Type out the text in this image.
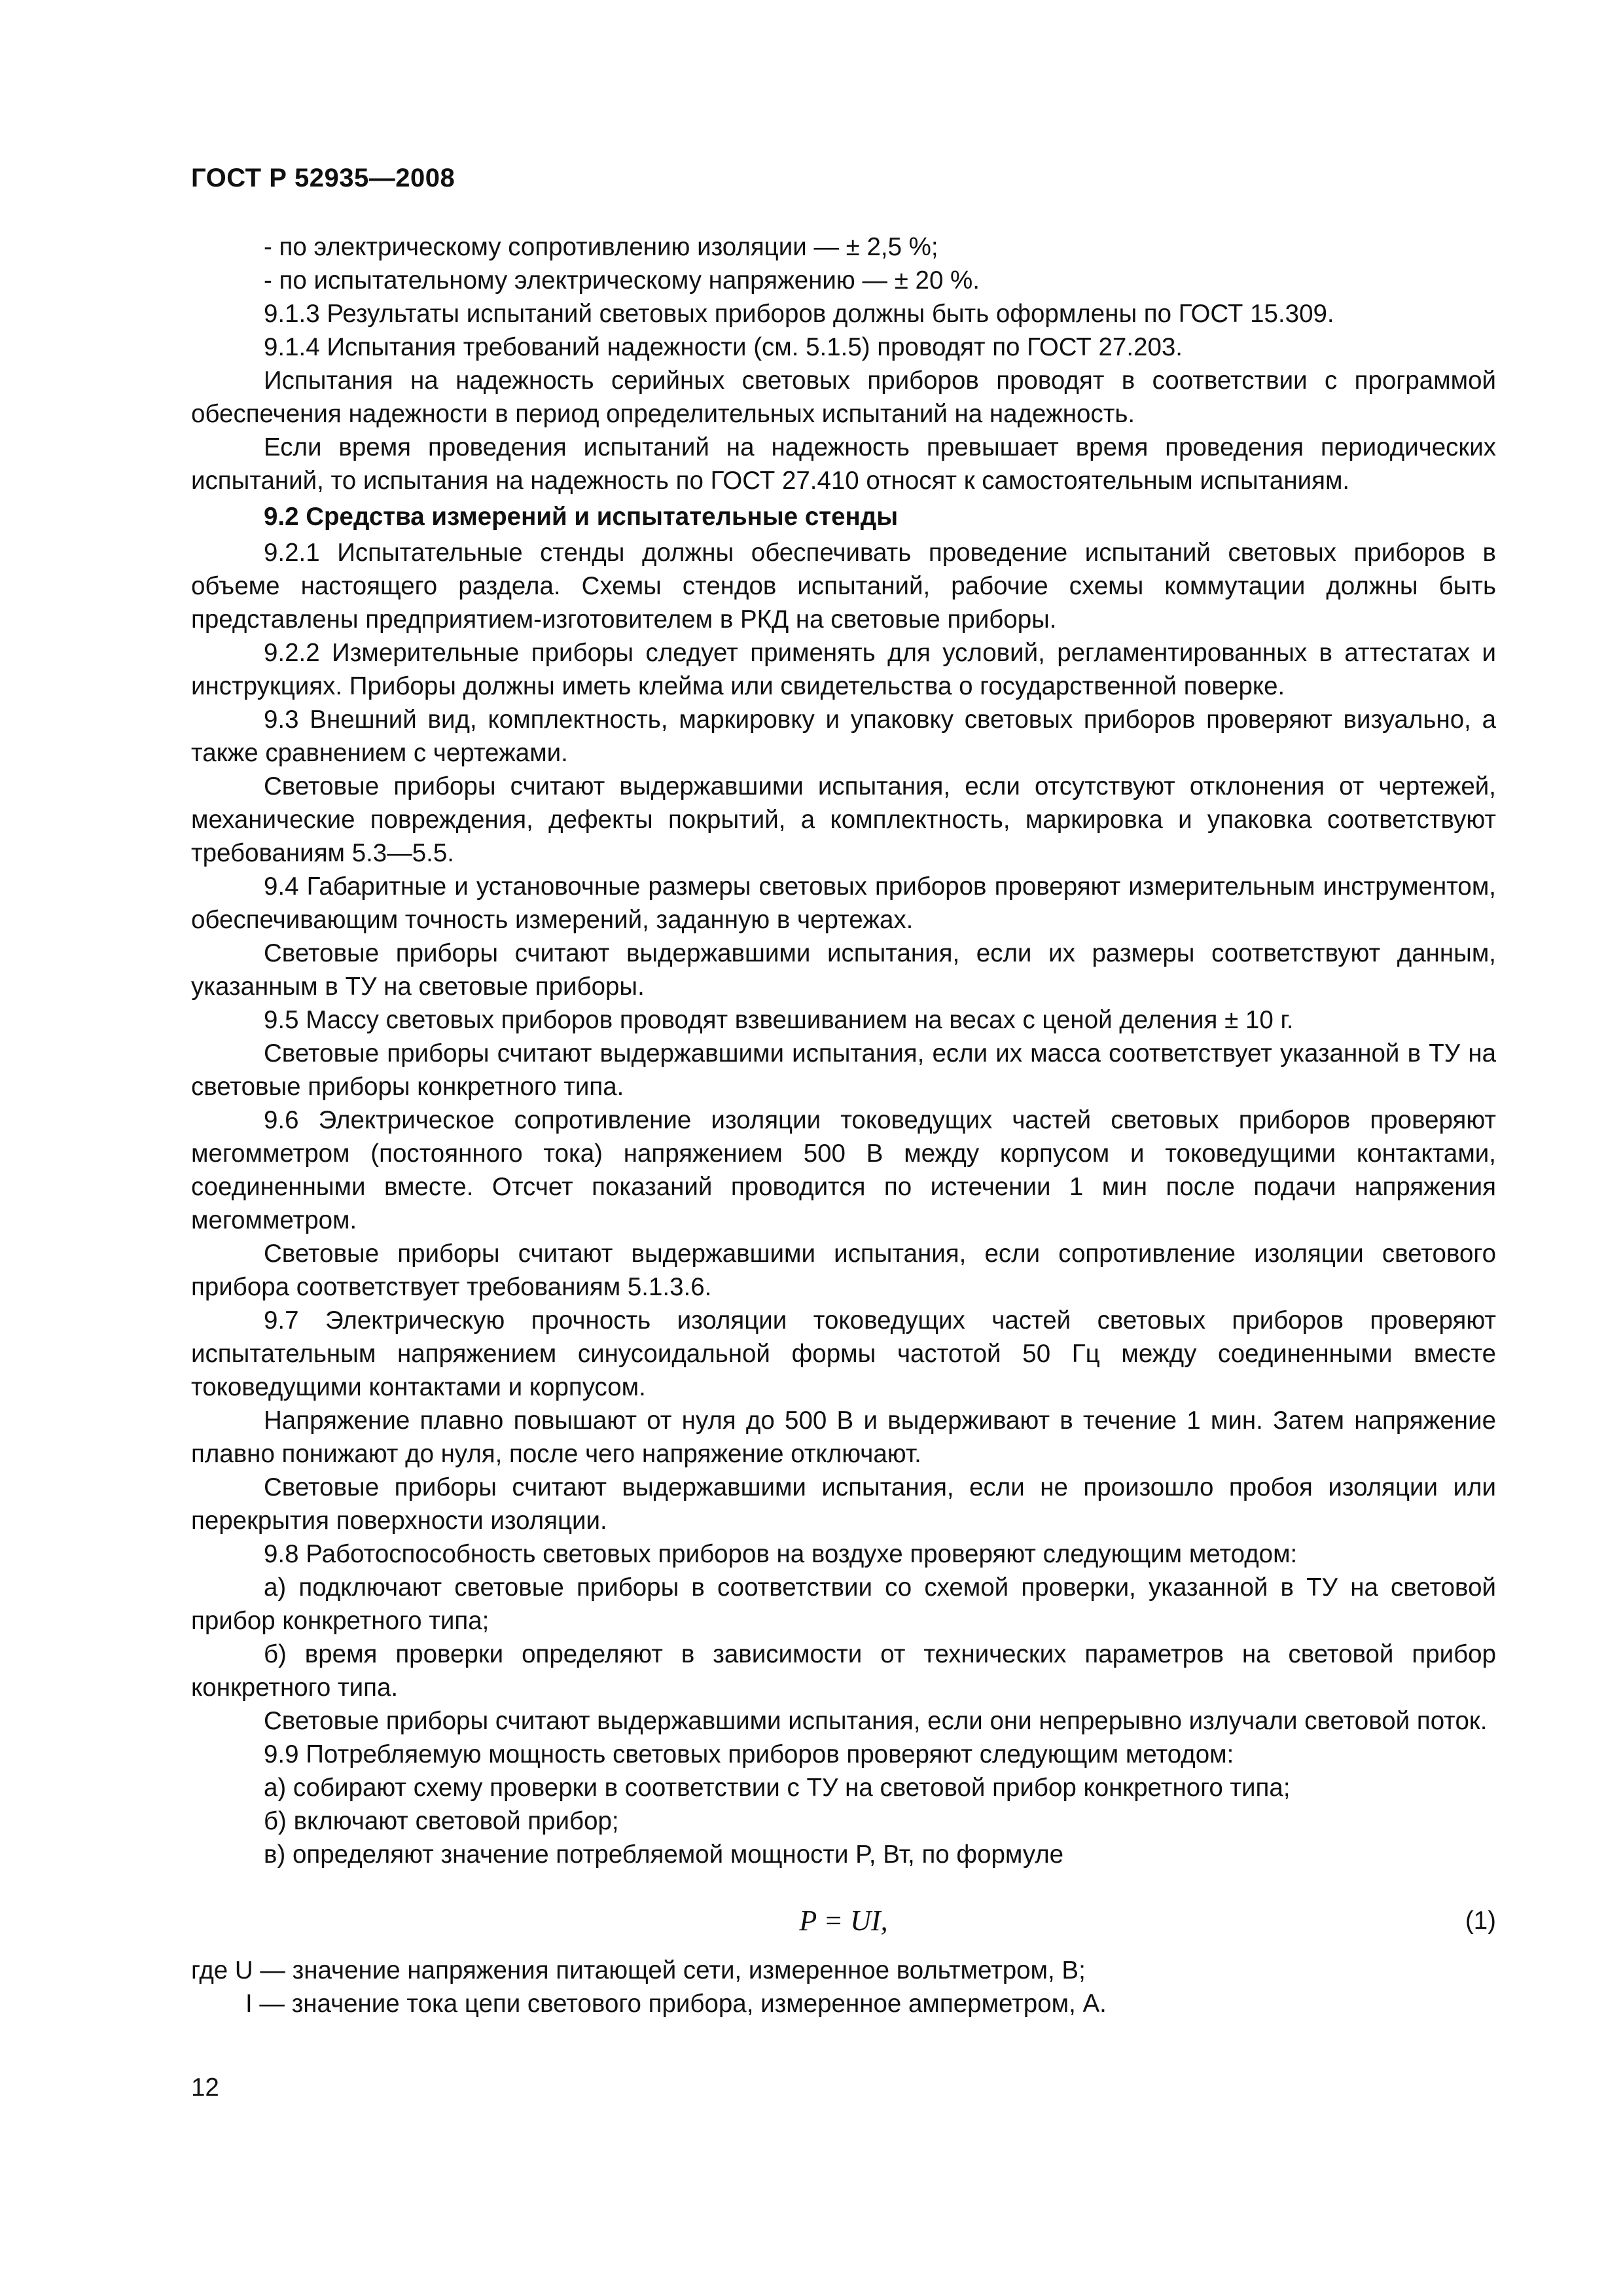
ГОСТ Р 52935—2008

- по электрическому сопротивлению изоляции — ± 2,5 %;

- по испытательному электрическому напряжению — ± 20 %.

9.1.3 Результаты испытаний световых приборов должны быть оформлены по ГОСТ 15.309.

9.1.4 Испытания требований надежности (см. 5.1.5) проводят по ГОСТ 27.203.

Испытания на надежность серийных световых приборов проводят в соответствии с программой обеспечения надежности в период определительных испытаний на надежность.

Если время проведения испытаний на надежность превышает время проведения периодических испытаний, то испытания на надежность по ГОСТ 27.410 относят к самостоятельным испытаниям.

9.2 Средства измерений и испытательные стенды

9.2.1 Испытательные стенды должны обеспечивать проведение испытаний световых приборов в объеме настоящего раздела. Схемы стендов испытаний, рабочие схемы коммутации должны быть представлены предприятием-изготовителем в РКД на световые приборы.

9.2.2 Измерительные приборы следует применять для условий, регламентированных в аттестатах и инструкциях. Приборы должны иметь клейма или свидетельства о государственной поверке.

9.3 Внешний вид, комплектность, маркировку и упаковку световых приборов проверяют визуально, а также сравнением с чертежами.

Световые приборы считают выдержавшими испытания, если отсутствуют отклонения от чертежей, механические повреждения, дефекты покрытий, а комплектность, маркировка и упаковка соответствуют требованиям 5.3—5.5.

9.4 Габаритные и установочные размеры световых приборов проверяют измерительным инструментом, обеспечивающим точность измерений, заданную в чертежах.

Световые приборы считают выдержавшими испытания, если их размеры соответствуют данным, указанным в ТУ на световые приборы.

9.5 Массу световых приборов проводят взвешиванием на весах с ценой деления ± 10 г.

Световые приборы считают выдержавшими испытания, если их масса соответствует указанной в ТУ на световые приборы конкретного типа.

9.6 Электрическое сопротивление изоляции токоведущих частей световых приборов проверяют мегомметром (постоянного тока) напряжением 500 В между корпусом и токоведущими контактами, соединенными вместе. Отсчет показаний проводится по истечении 1 мин после подачи напряжения мегомметром.

Световые приборы считают выдержавшими испытания, если сопротивление изоляции светового прибора соответствует требованиям 5.1.3.6.

9.7 Электрическую прочность изоляции токоведущих частей световых приборов проверяют испытательным напряжением синусоидальной формы частотой 50 Гц между соединенными вместе токоведущими контактами и корпусом.

Напряжение плавно повышают от нуля до 500 В и выдерживают в течение 1 мин. Затем напряжение плавно понижают до нуля, после чего напряжение отключают.

Световые приборы считают выдержавшими испытания, если не произошло пробоя изоляции или перекрытия поверхности изоляции.

9.8 Работоспособность световых приборов на воздухе проверяют следующим методом:

а) подключают световые приборы в соответствии со схемой проверки, указанной в ТУ на световой прибор конкретного типа;

б) время проверки определяют в зависимости от технических параметров на световой прибор конкретного типа.

Световые приборы считают выдержавшими испытания, если они непрерывно излучали световой поток.

9.9 Потребляемую мощность световых приборов проверяют следующим методом:

а) собирают схему проверки в соответствии с ТУ на световой прибор конкретного типа;

б) включают световой прибор;

в) определяют значение потребляемой мощности P, Вт, по формуле

P = UI,	(1)
где U — значение напряжения питающей сети, измеренное вольтметром, В;
I — значение тока цепи светового прибора, измеренное амперметром, А.
12
